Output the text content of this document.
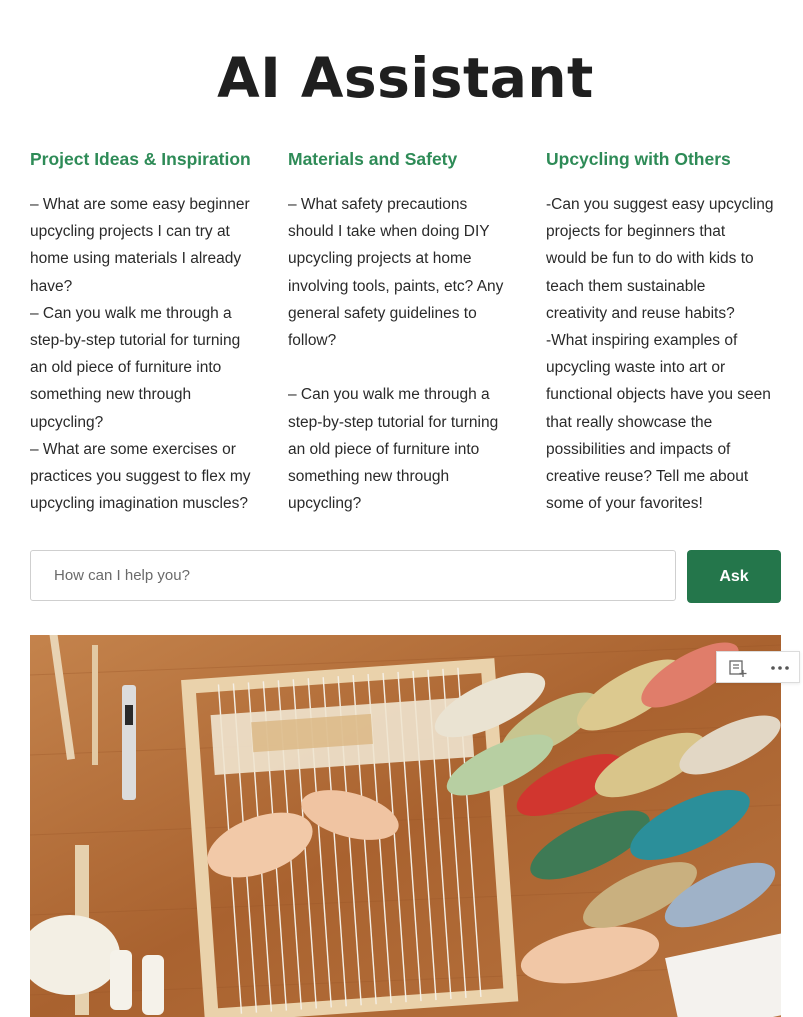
AI Assistant
Project Ideas & Inspiration

– What are some easy beginner
upcycling projects I can try at
home using materials I already
have?
– Can you walk me through a
step-by-step tutorial for turning
an old piece of furniture into
something new through
upcycling?
– What are some exercises or
practices you suggest to flex my
upcycling imagination muscles?

Materials and Safety

– What safety precautions
should I take when doing DIY
upcycling projects at home
involving tools, paints, etc? Any
general safety guidelines to
follow?

– Can you walk me through a
step-by-step tutorial for turning
an old piece of furniture into
something new through
upcycling?

Upcycling with Others

-Can you suggest easy upcycling
projects for beginners that
would be fun to do with kids to
teach them sustainable
creativity and reuse habits?
-What inspiring examples of
upcycling waste into art or
functional objects have you seen
that really showcase the
possibilities and impacts of
creative reuse? Tell me about
some of your favorites!

How can I help you?
Ask
